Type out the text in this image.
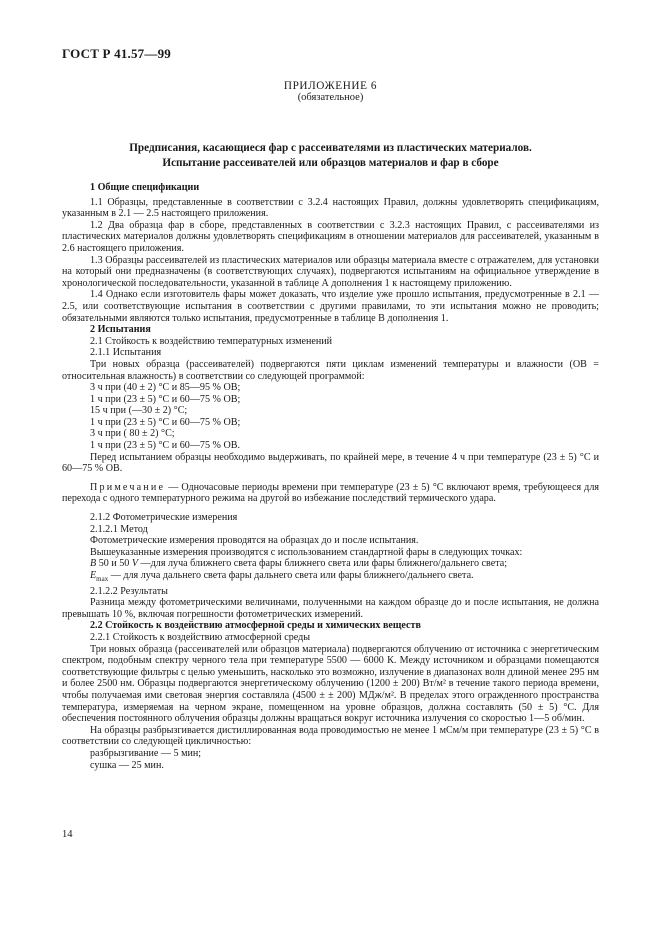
ГОСТ Р 41.57—99
ПРИЛОЖЕНИЕ 6
(обязательное)
Предписания, касающиеся фар с рассеивателями из пластических материалов.
Испытание рассеивателей или образцов материалов и фар в сборе

1 Общие спецификации

1.1 Образцы, представленные в соответствии с 3.2.4 настоящих Правил, должны удовлетворять спецификациям, указанным в 2.1 — 2.5 настоящего приложения.

1.2 Два образца фар в сборе, представленных в соответствии с 3.2.3 настоящих Правил, с рассеивателями из пластических материалов должны удовлетворять спецификациям в отношении материалов для рассеивателей, указанным в 2.6 настоящего приложения.

1.3 Образцы рассеивателей из пластических материалов или образцы материала вместе с отражателем, для установки на который они предназначены (в соответствующих случаях), подвергаются испытаниям на официальное утверждение в хронологической последовательности, указанной в таблице А дополнения 1 к настоящему приложению.

1.4 Однако если изготовитель фары может доказать, что изделие уже прошло испытания, предусмотренные в 2.1 — 2.5, или соответствующие испытания в соответствии с другими правилами, то эти испытания можно не проводить; обязательными являются только испытания, предусмотренные в таблице В дополнения 1.

2 Испытания

2.1 Стойкость к воздействию температурных изменений

2.1.1 Испытания

Три новых образца (рассеивателей) подвергаются пяти циклам изменений температуры и влажности (ОВ = относительная влажность) в соответствии со следующей программой:

3 ч при (40 ± 2) °C и 85—95 % ОВ;

1 ч при (23 ± 5) °C и 60—75 % ОВ;

15 ч при (—30 ± 2) °C;

1 ч при (23 ± 5) °C и 60—75 % ОВ;

3 ч при ( 80 ± 2) °C;

1 ч при (23 ± 5) °C и 60—75 % ОВ.

Перед испытанием образцы необходимо выдерживать, по крайней мере, в течение 4 ч при температуре (23 ± 5) °C и 60—75 % ОВ.

Примечание — Одночасовые периоды времени при температуре (23 ± 5) °C включают время, требующееся для перехода с одного температурного режима на другой во избежание последствий термического удара.

2.1.2 Фотометрические измерения

2.1.2.1 Метод

Фотометрические измерения проводятся на образцах до и после испытания.

Вышеуказанные измерения производятся с использованием стандартной фары в следующих точках:

B 50 и 50 V —для луча ближнего света фары ближнего света или фары ближнего/дальнего света;

$E_{max}$ — для луча дальнего света фары дальнего света или фары ближнего/дальнего света.

2.1.2.2 Результаты

Разница между фотометрическими величинами, полученными на каждом образце до и после испытания, не должна превышать 10 %, включая погрешности фотометрических измерений.

2.2 Стойкость к воздействию атмосферной среды и химических веществ

2.2.1 Стойкость к воздействию атмосферной среды

Три новых образца (рассеивателей или образцов материала) подвергаются облучению от источника с энергетическим спектром, подобным спектру черного тела при температуре 5500 — 6000 К. Между источником и образцами помещаются соответствующие фильтры с целью уменьшить, насколько это возможно, излучение в диапазонах волн длиной менее 295 нм и более 2500 нм. Образцы подвергаются энергетическому облучению (1200 ± 200) Вт/м² в течение такого периода времени, чтобы получаемая ими световая энергия составляла (4500 ± ± 200) МДж/м². В пределах этого огражденного пространства температура, измеряемая на черном экране, помещенном на уровне образцов, должна составлять (50 ± 5) °C. Для обеспечения постоянного облучения образцы должны вращаться вокруг источника излучения со скоростью 1—5 об/мин.

На образцы разбрызгивается дистиллированная вода проводимостью не менее 1 мСм/м при температуре (23 ± 5) °C в соответствии со следующей цикличностью:

разбрызгивание — 5 мин;

сушка — 25 мин.

14
